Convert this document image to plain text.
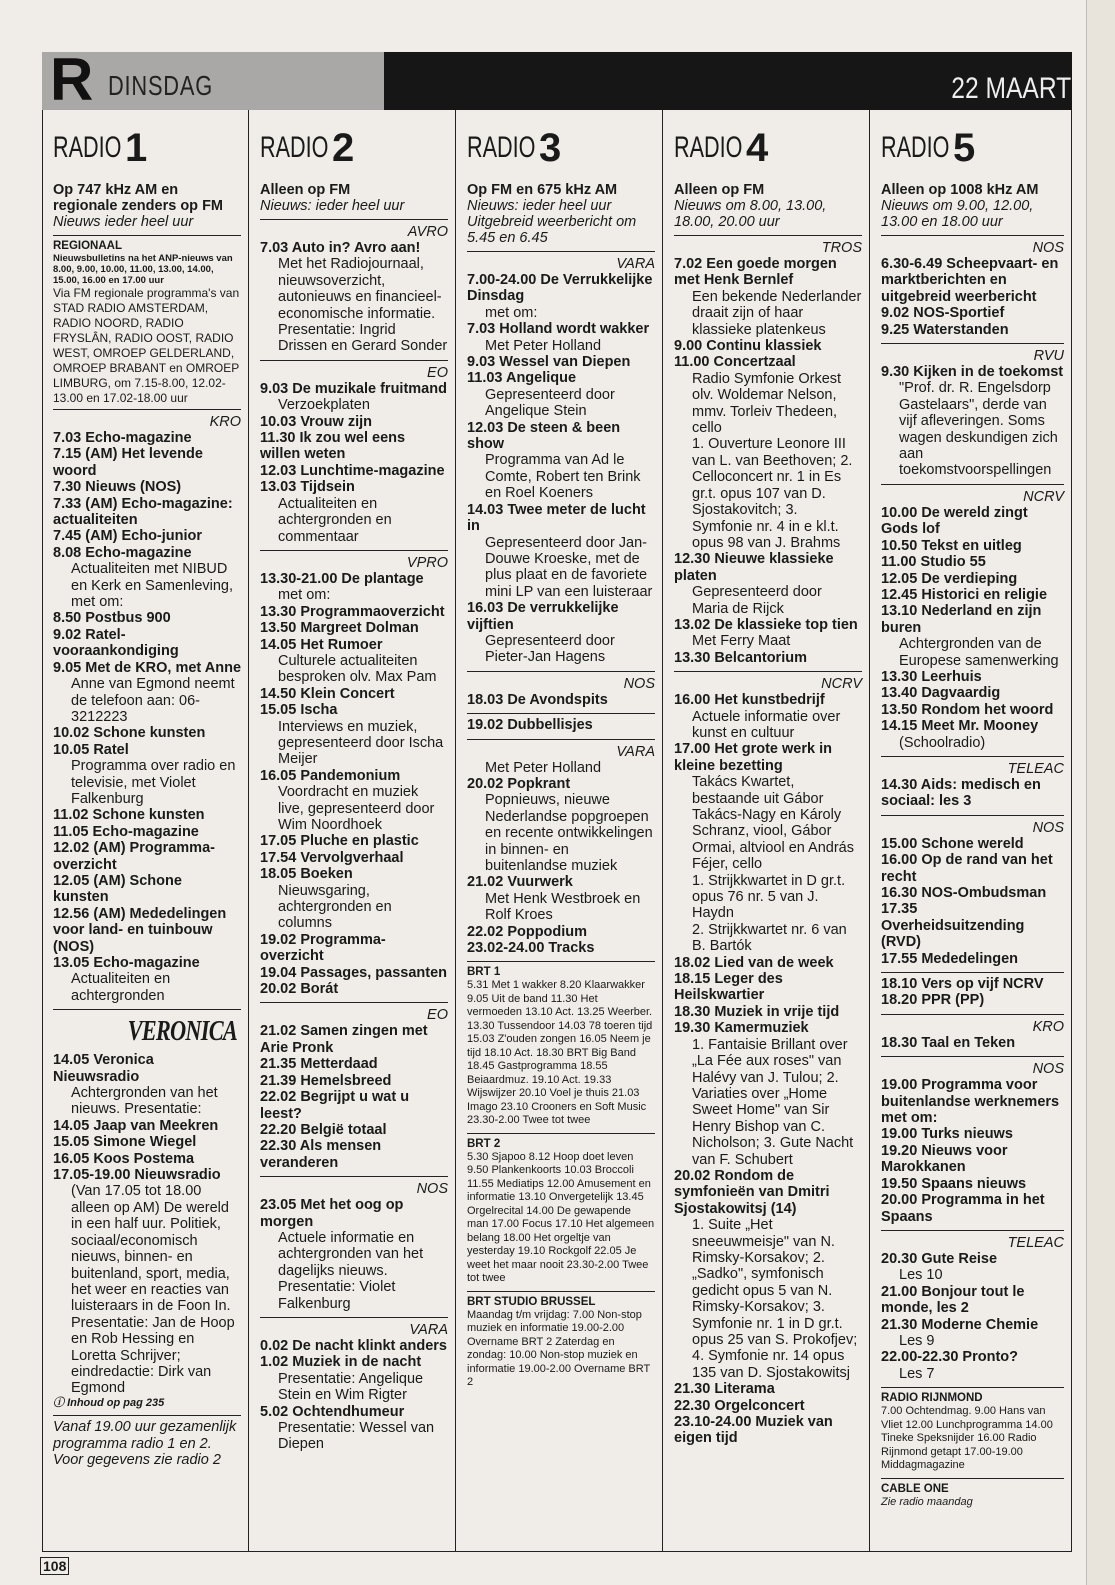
R DINSDAG	22 MAART
RADIO 1
Op 747 kHz AM en regionale zenders op FM
Nieuws ieder heel uur
REGIONAAL
Nieuwsbulletins na het ANP-nieuws van 8.00, 9.00, 10.00, 11.00, 13.00, 14.00, 15.00, 16.00 en 17.00 uur
Via FM regionale programma's van STAD RADIO AMSTERDAM, RADIO NOORD, RADIO FRYSLÂN, RADIO OOST, RADIO WEST, OMROEP GELDERLAND, OMROEP BRABANT en OMROEP LIMBURG, om 7.15-8.00, 12.02-13.00 en 17.02-18.00 uur
KRO
7.03 Echo-magazine
7.15 (AM) Het levende woord
7.30 Nieuws (NOS)
7.33 (AM) Echo-magazine: actualiteiten
7.45 (AM) Echo-junior
8.08 Echo-magazine
Actualiteiten met NIBUD en Kerk en Samenleving, met om:
8.50 Postbus 900
9.02 Ratel-vooraankondiging
9.05 Met de KRO, met Anne
Anne van Egmond neemt de telefoon aan: 06-3212223
10.02 Schone kunsten
10.05 Ratel
Programma over radio en televisie, met Violet Falkenburg
11.02 Schone kunsten
11.05 Echo-magazine
12.02 (AM) Programma-overzicht
12.05 (AM) Schone kunsten
12.56 (AM) Mededelingen voor land- en tuinbouw (NOS)
13.05 Echo-magazine
Actualiteiten en achtergronden
VERONICA
14.05 Veronica Nieuwsradio
Achtergronden van het nieuws. Presentatie:
14.05 Jaap van Meekren
15.05 Simone Wiegel
16.05 Koos Postema
17.05-19.00 Nieuwsradio
(Van 17.05 tot 18.00 alleen op AM) De wereld in een half uur. Politiek, sociaal/economisch nieuws, binnen- en buitenland, sport, media, het weer en reacties van luisteraars in de Foon In. Presentatie: Jan de Hoop en Rob Hessing en Loretta Schrijver; eindredactie: Dirk van Egmond
ⓘ Inhoud op pag 235
Vanaf 19.00 uur gezamenlijk programma radio 1 en 2. Voor gegevens zie radio 2
RADIO 2
Alleen op FM
Nieuws: ieder heel uur
AVRO
7.03 Auto in? Avro aan!
Met het Radiojournaal, nieuwsoverzicht, autonieuws en financieel-economische informatie. Presentatie: Ingrid Drissen en Gerard Sonder
EO
9.03 De muzikale fruitmand
Verzoekplaten
10.03 Vrouw zijn
11.30 Ik zou wel eens willen weten
12.03 Lunchtime-magazine
13.03 Tijdsein
Actualiteiten en achtergronden en commentaar
VPRO
13.30-21.00 De plantage
met om:
13.30 Programmaoverzicht
13.50 Margreet Dolman
14.05 Het Rumoer
Culturele actualiteiten besproken olv. Max Pam
14.50 Klein Concert
15.05 Ischa
Interviews en muziek, gepresenteerd door Ischa Meijer
16.05 Pandemonium
Voordracht en muziek live, gepresenteerd door Wim Noordhoek
17.05 Pluche en plastic
17.54 Vervolgverhaal
18.05 Boeken
Nieuwsgaring, achtergronden en columns
19.02 Programma-overzicht
19.04 Passages, passanten
20.02 Borát
EO
21.02 Samen zingen met Arie Pronk
21.35 Metterdaad
21.39 Hemelsbreed
22.02 Begrijpt u wat u leest?
22.20 België totaal
22.30 Als mensen veranderen
NOS
23.05 Met het oog op morgen
Actuele informatie en achtergronden van het dagelijks nieuws. Presentatie: Violet Falkenburg
VARA
0.02 De nacht klinkt anders
1.02 Muziek in de nacht
Presentatie: Angelique Stein en Wim Rigter
5.02 Ochtendhumeur
Presentatie: Wessel van Diepen
RADIO 3
Op FM en 675 kHz AM
Nieuws: ieder heel uur Uitgebreid weerbericht om 5.45 en 6.45
VARA
7.00-24.00 De Verrukkelijke Dinsdag
met om:
7.03 Holland wordt wakker
Met Peter Holland
9.03 Wessel van Diepen
11.03 Angelique
Gepresenteerd door Angelique Stein
12.03 De steen & been show
Programma van Ad le Comte, Robert ten Brink en Roel Koeners
14.03 Twee meter de lucht in
Gepresenteerd door Jan-Douwe Kroeske, met de plus plaat en de favoriete mini LP van een luisteraar
16.03 De verrukkelijke vijftien
Gepresenteerd door Pieter-Jan Hagens
NOS
18.03 De Avondspits
19.02 Dubbellisjes
VARA
Met Peter Holland
20.02 Popkrant
Popnieuws, nieuwe Nederlandse popgroepen en recente ontwikkelingen in binnen- en buitenlandse muziek
21.02 Vuurwerk
Met Henk Westbroek en Rolf Kroes
22.02 Poppodium
23.02-24.00 Tracks
BRT 1
5.31 Met 1 wakker 8.20 Klaarwakker 9.05 Uit de band 11.30 Het vermoeden 13.10 Act. 13.25 Weerber. 13.30 Tussendoor 14.03 78 toeren tijd 15.03 Z'ouden zongen 16.05 Neem je tijd 18.10 Act. 18.30 BRT Big Band 18.45 Gastprogramma 18.55 Beiaardmuz. 19.10 Act. 19.33 Wijswijzer 20.10 Voel je thuis 21.03 Imago 23.10 Crooners en Soft Music 23.30-2.00 Twee tot twee
BRT 2
5.30 Sjapoo 8.12 Hoop doet leven 9.50 Plankenkoorts 10.03 Broccoli 11.55 Mediatips 12.00 Amusement en informatie 13.10 Onvergetelijk 13.45 Orgelrecital 14.00 De gewapende man 17.00 Focus 17.10 Het algemeen belang 18.00 Het orgeltje van yesterday 19.10 Rockgolf 22.05 Je weet het maar nooit 23.30-2.00 Twee tot twee
BRT STUDIO BRUSSEL
Maandag t/m vrijdag: 7.00 Non-stop muziek en informatie 19.00-2.00 Overname BRT 2 Zaterdag en zondag: 10.00 Non-stop muziek en informatie 19.00-2.00 Overname BRT 2
RADIO 4
Alleen op FM
Nieuws om 8.00, 13.00, 18.00, 20.00 uur
TROS
7.02 Een goede morgen met Henk Bernlef
Een bekende Nederlander draait zijn of haar klassieke platenkeus
9.00 Continu klassiek
11.00 Concertzaal
Radio Symfonie Orkest olv. Woldemar Nelson, mmv. Torleiv Thedeen, cello
1. Ouverture Leonore III van L. van Beethoven; 2. Celloconcert nr. 1 in Es gr.t. opus 107 van D. Sjostakovitch; 3. Symfonie nr. 4 in e kl.t. opus 98 van J. Brahms
12.30 Nieuwe klassieke platen
Gepresenteerd door Maria de Rijck
13.02 De klassieke top tien
Met Ferry Maat
13.30 Belcantorium
NCRV
16.00 Het kunstbedrijf
Actuele informatie over kunst en cultuur
17.00 Het grote werk in kleine bezetting
Takács Kwartet, bestaande uit Gábor Takács-Nagy en Károly Schranz, viool, Gábor Ormai, altviool en András Féjer, cello
1. Strijkkwartet in D gr.t. opus 76 nr. 5 van J. Haydn
2. Strijkkwartet nr. 6 van B. Bartók
18.02 Lied van de week
18.15 Leger des Heilskwartier
18.30 Muziek in vrije tijd
19.30 Kamermuziek
1. Fantaisie Brillant over „La Fée aux roses" van Halévy van J. Tulou; 2. Variaties over „Home Sweet Home" van Sir Henry Bishop van C. Nicholson; 3. Gute Nacht van F. Schubert
20.02 Rondom de symfonieën van Dmitri Sjostakowitsj (14)
1. Suite „Het sneeuwmeisje" van N. Rimsky-Korsakov; 2. „Sadko", symfonisch gedicht opus 5 van N. Rimsky-Korsakov; 3. Symfonie nr. 1 in D gr.t. opus 25 van S. Prokofjev; 4. Symfonie nr. 14 opus 135 van D. Sjostakowitsj
21.30 Literama
22.30 Orgelconcert
23.10-24.00 Muziek van eigen tijd
RADIO 5
Alleen op 1008 kHz AM
Nieuws om 9.00, 12.00, 13.00 en 18.00 uur
NOS
6.30-6.49 Scheepvaart- en marktberichten en uitgebreid weerbericht
9.02 NOS-Sportief
9.25 Waterstanden
RVU
9.30 Kijken in de toekomst
"Prof. dr. R. Engelsdorp Gastelaars", derde van vijf afleveringen. Soms wagen deskundigen zich aan toekomstvoorspellingen
NCRV
10.00 De wereld zingt Gods lof
10.50 Tekst en uitleg
11.00 Studio 55
12.05 De verdieping
12.45 Historici en religie
13.10 Nederland en zijn buren
Achtergronden van de Europese samenwerking
13.30 Leerhuis
13.40 Dagvaardig
13.50 Rondom het woord
14.15 Meet Mr. Mooney
(Schoolradio)
TELEAC
14.30 Aids: medisch en sociaal: les 3
NOS
15.00 Schone wereld
16.00 Op de rand van het recht
16.30 NOS-Ombudsman
17.35 Overheidsuitzending (RVD)
17.55 Mededelingen
18.10 Vers op vijf NCRV
18.20 PPR (PP)
KRO
18.30 Taal en Teken
NOS
19.00 Programma voor buitenlandse werknemers met om:
19.00 Turks nieuws
19.20 Nieuws voor Marokkanen
19.50 Spaans nieuws
20.00 Programma in het Spaans
TELEAC
20.30 Gute Reise
Les 10
21.00 Bonjour tout le monde, les 2
21.30 Moderne Chemie
Les 9
22.00-22.30 Pronto?
Les 7
RADIO RIJNMOND
7.00 Ochtendmag. 9.00 Hans van Vliet 12.00 Lunchprogramma 14.00 Tineke Speksnijder 16.00 Radio Rijnmond getapt 17.00-19.00 Middagmagazine
CABLE ONE
Zie radio maandag
108
